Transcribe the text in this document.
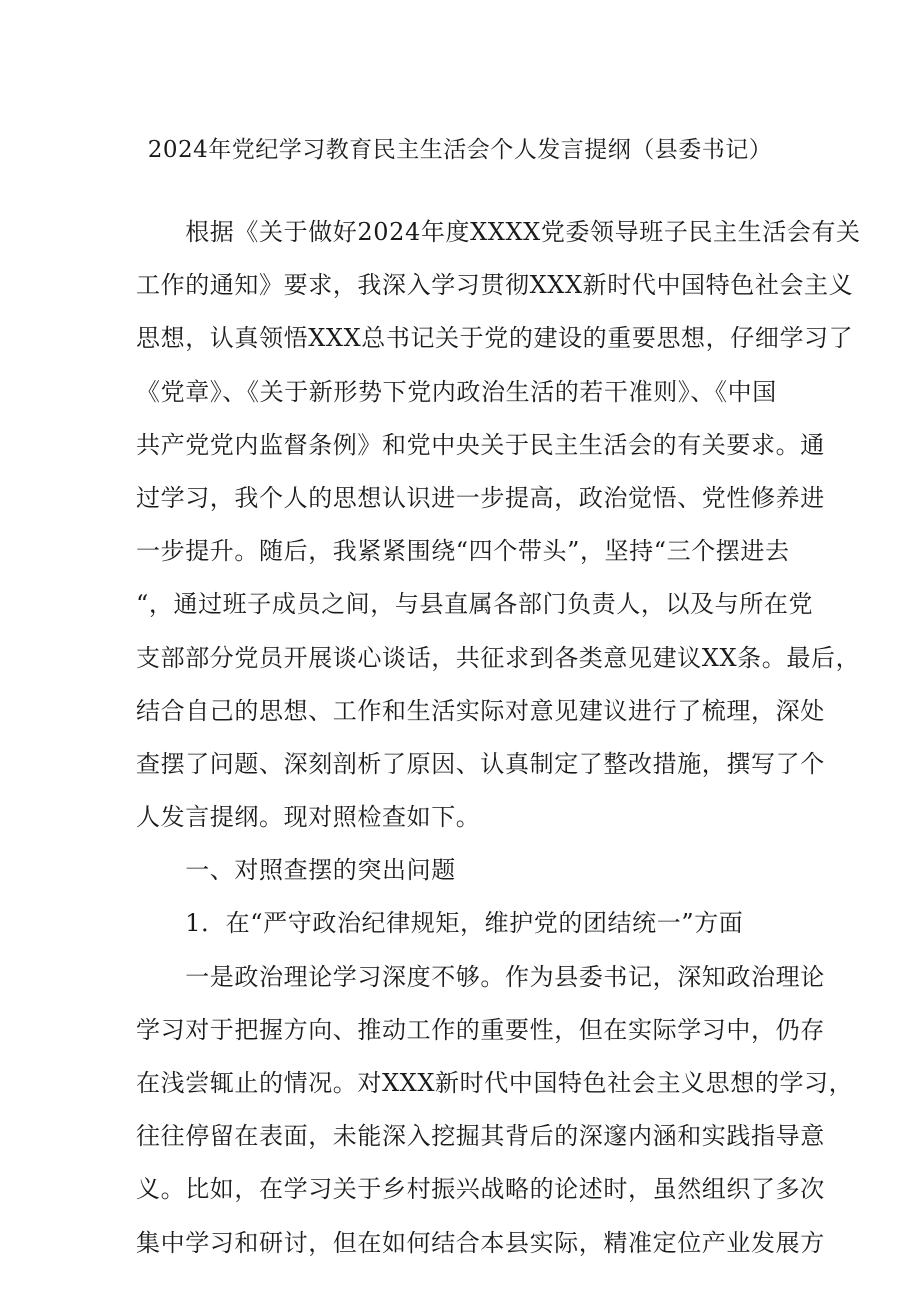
2024年党纪学习教育民主生活会个人发言提纲（县委书记）
　　根据《关于做好2024年度XXXX党委领导班子民主生活会有关
工作的通知》要求，我深入学习贯彻XXX新时代中国特色社会主义
思想，认真领悟XXX总书记关于党的建设的重要思想，仔细学习了
《党章》、《关于新形势下党内政治生活的若干准则》、《中国
共产党党内监督条例》和党中央关于民主生活会的有关要求。通
过学习，我个人的思想认识进一步提高，政治觉悟、党性修养进
一步提升。随后，我紧紧围绕“四个带头”，坚持“三个摆进去
“，通过班子成员之间，与县直属各部门负责人，以及与所在党
支部部分党员开展谈心谈话，共征求到各类意见建议XX条。最后，
结合自己的思想、工作和生活实际对意见建议进行了梳理，深处
查摆了问题、深刻剖析了原因、认真制定了整改措施，撰写了个
人发言提纲。现对照检查如下。
　　一、对照查摆的突出问题
　　1．在“严守政治纪律规矩，维护党的团结统一”方面
　　一是政治理论学习深度不够。作为县委书记，深知政治理论
学习对于把握方向、推动工作的重要性，但在实际学习中，仍存
在浅尝辄止的情况。对XXX新时代中国特色社会主义思想的学习，
往往停留在表面，未能深入挖掘其背后的深邃内涵和实践指导意
义。比如，在学习关于乡村振兴战略的论述时，虽然组织了多次
集中学习和研讨，但在如何结合本县实际，精准定位产业发展方
